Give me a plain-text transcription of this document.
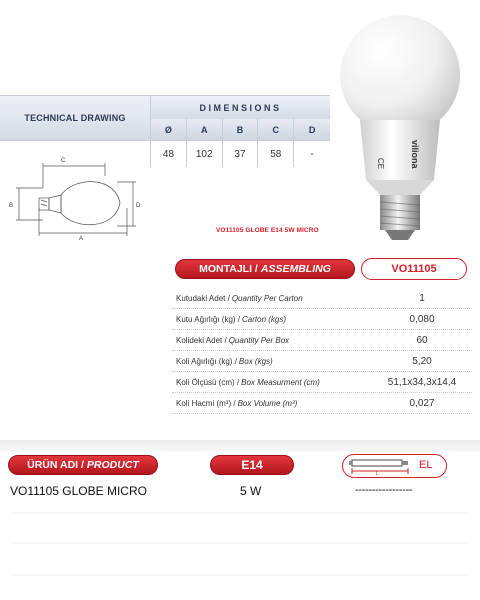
TECHNICAL DRAWING
DIMENSIONS
Ø	A	B	C	D
48	102	37	58	-
C
B	D
A
VO11105 GLOBE E14 5W MICRO
viliona
CE
MONTAJLI / ASSEMBLING	VO11105
Kutudaki Adet / Quantity Per Carton	1
Kutu Ağırlığı (kg) / Carton (kgs)	0,080
Kolideki Adet / Quantity Per Box	60
Koli Ağırlığı (kg) / Box (kgs)	5,20
Koli Ölçüsü (cm) / Box Measurment (cm)	51,1x34,3x14,4
Koli Hacmi (m³) / Box Volume (m³)	0,027
ÜRÜN ADI / PRODUCT	E14
L
EL
VO11105 GLOBE MICRO	5 W	-----------------
